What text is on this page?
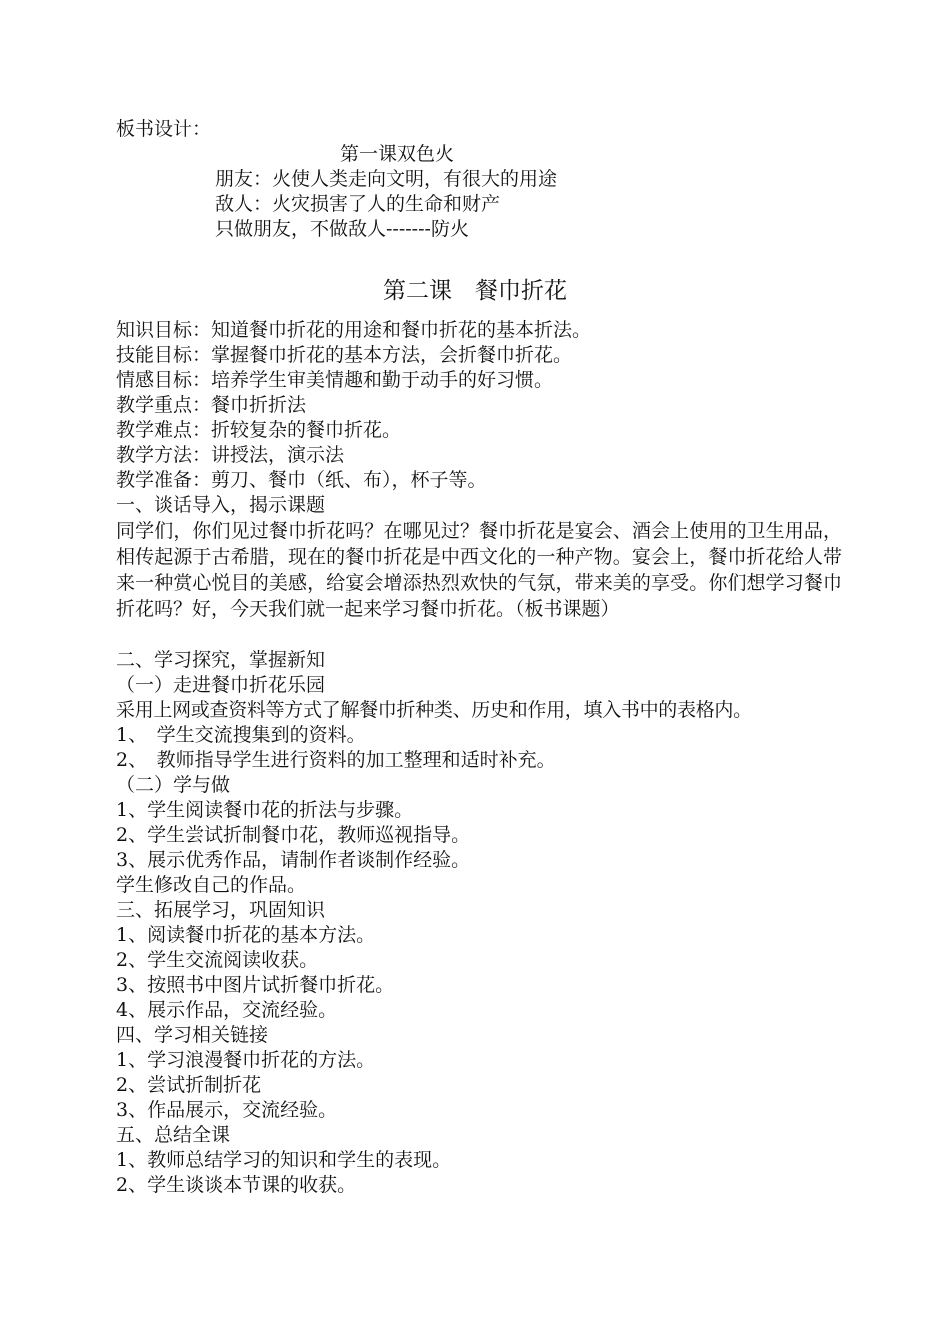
板书设计：
第一课双色火
朋友：火使人类走向文明，有很大的用途
敌人：火灾损害了人的生命和财产
只做朋友，不做敌人-------防火
第二课　餐巾折花
知识目标：知道餐巾折花的用途和餐巾折花的基本折法。
技能目标：掌握餐巾折花的基本方法，会折餐巾折花。
情感目标：培养学生审美情趣和勤于动手的好习惯。
教学重点：餐巾折折法
教学难点：折较复杂的餐巾折花。
教学方法：讲授法，演示法
教学准备：剪刀、餐巾（纸、布），杯子等。
一、谈话导入，揭示课题
同学们，你们见过餐巾折花吗？在哪见过？餐巾折花是宴会、酒会上使用的卫生用品，相传起源于古希腊，现在的餐巾折花是中西文化的一种产物。宴会上，餐巾折花给人带来一种赏心悦目的美感，给宴会增添热烈欢快的气氛，带来美的享受。你们想学习餐巾折花吗？好，今天我们就一起来学习餐巾折花。（板书课题）
二、学习探究，掌握新知
（一）走进餐巾折花乐园
采用上网或查资料等方式了解餐巾折种类、历史和作用，填入书中的表格内。
1、　学生交流搜集到的资料。
2、　教师指导学生进行资料的加工整理和适时补充。
（二）学与做
1、学生阅读餐巾花的折法与步骤。
2、学生尝试折制餐巾花，教师巡视指导。
3、展示优秀作品，请制作者谈制作经验。
学生修改自己的作品。
三、拓展学习，巩固知识
1、阅读餐巾折花的基本方法。
2、学生交流阅读收获。
3、按照书中图片试折餐巾折花。
4、展示作品，交流经验。
四、学习相关链接
1、学习浪漫餐巾折花的方法。
2、尝试折制折花
3、作品展示，交流经验。
五、总结全课
1、教师总结学习的知识和学生的表现。
2、学生谈谈本节课的收获。
